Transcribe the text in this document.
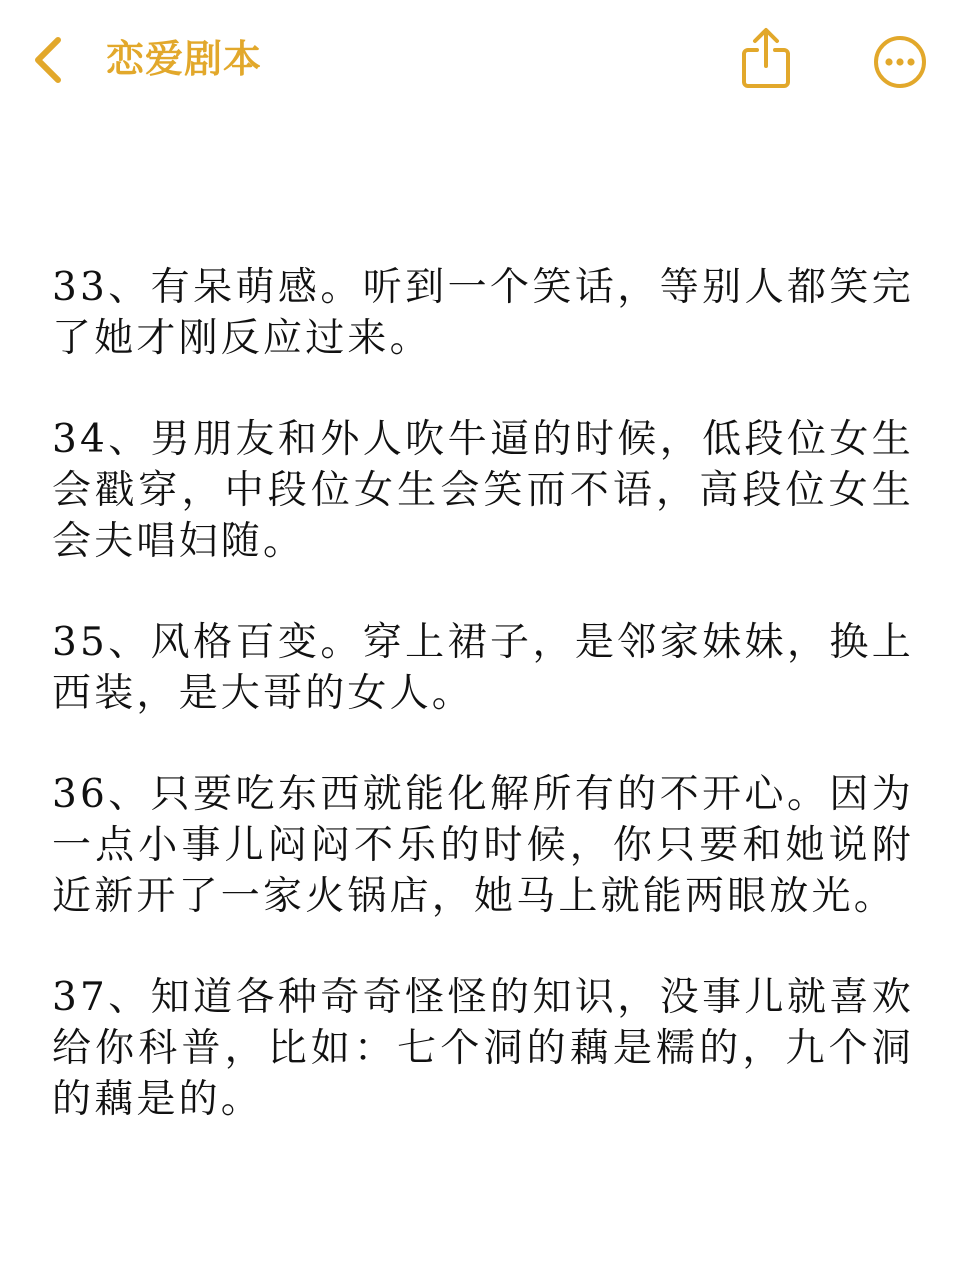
恋爱剧本

33、有呆萌感。听到一个笑话，等别人都笑完了她才刚反应过来。

34、男朋友和外人吹牛逼的时候，低段位女生会戳穿，中段位女生会笑而不语，高段位女生会夫唱妇随。

35、风格百变。穿上裙子，是邻家妹妹，换上西装，是大哥的女人。

36、只要吃东西就能化解所有的不开心。因为一点小事儿闷闷不乐的时候，你只要和她说附近新开了一家火锅店，她马上就能两眼放光。

37、知道各种奇奇怪怪的知识，没事儿就喜欢给你科普，比如：七个洞的藕是糯的，九个洞的藕是的。
